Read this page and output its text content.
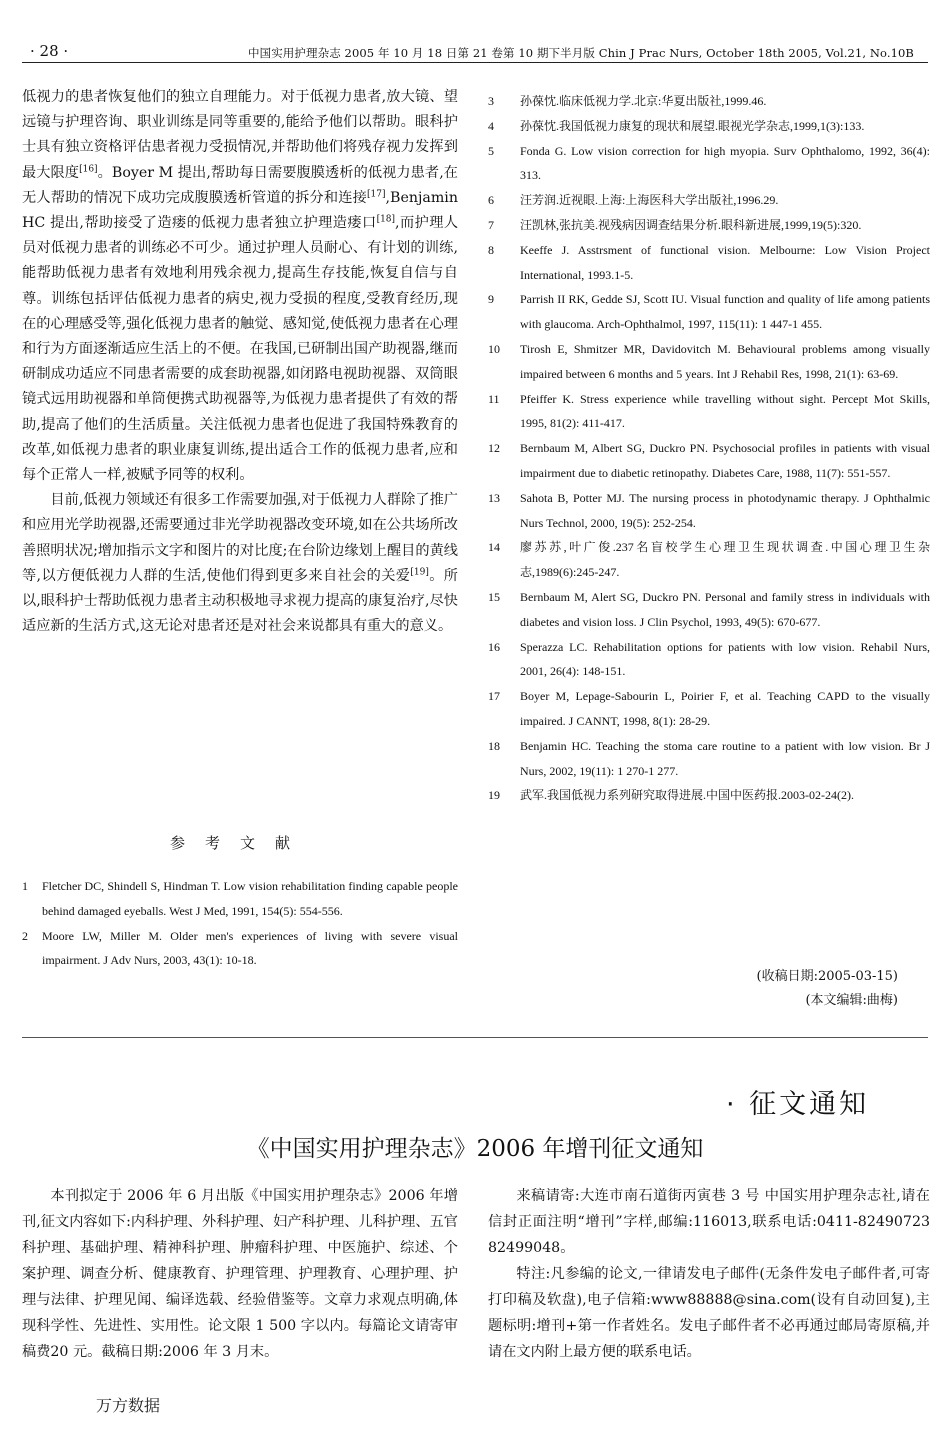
· 28 ·	中国实用护理杂志 2005 年 10 月 18 日第 21 卷第 10 期下半月版 Chin J Prac Nurs, October 18th 2005, Vol.21, No.10B

低视力的患者恢复他们的独立自理能力。对于低视力患者,放大镜、望远镜与护理咨询、职业训练是同等重要的,能给予他们以帮助。眼科护士具有独立资格评估患者视力受损情况,并帮助他们将残存视力发挥到最大限度[16]。Boyer M 提出,帮助每日需要腹膜透析的低视力患者,在无人帮助的情况下成功完成腹膜透析管道的拆分和连接[17],Benjamin HC 提出,帮助接受了造瘘的低视力患者独立护理造瘘口[18],而护理人员对低视力患者的训练必不可少。通过护理人员耐心、有计划的训练,能帮助低视力患者有效地利用残余视力,提高生存技能,恢复自信与自尊。训练包括评估低视力患者的病史,视力受损的程度,受教育经历,现在的心理感受等,强化低视力患者的触觉、感知觉,使低视力患者在心理和行为方面逐渐适应生活上的不便。在我国,已研制出国产助视器,继而研制成功适应不同患者需要的成套助视器,如闭路电视助视器、双筒眼镜式远用助视器和单筒便携式助视器等,为低视力患者提供了有效的帮助,提高了他们的生活质量。关注低视力患者也促进了我国特殊教育的改革,如低视力患者的职业康复训练,提出适合工作的低视力患者,应和每个正常人一样,被赋予同等的权利。

目前,低视力领域还有很多工作需要加强,对于低视力人群除了推广和应用光学助视器,还需要通过非光学助视器改变环境,如在公共场所改善照明状况;增加指示文字和图片的对比度;在台阶边缘划上醒目的黄线等,以方便低视力人群的生活,使他们得到更多来自社会的关爱[19]。所以,眼科护士帮助低视力患者主动积极地寻求视力提高的康复治疗,尽快适应新的生活方式,这无论对患者还是对社会来说都具有重大的意义。

参考文献
1	Fletcher DC, Shindell S, Hindman T. Low vision rehabilitation finding capable people behind damaged eyeballs. West J Med, 1991, 154(5): 554-556.
2	Moore LW, Miller M. Older men's experiences of living with severe visual impairment. J Adv Nurs, 2003, 43(1): 10-18.
3	孙葆忱.临床低视力学.北京:华夏出版社,1999.46.
4	孙葆忱.我国低视力康复的现状和展望.眼视光学杂志,1999,1(3):133.
5	Fonda G. Low vision correction for high myopia. Surv Ophthalomo, 1992, 36(4): 313.
6	汪芳润.近视眼.上海:上海医科大学出版社,1996.29.
7	汪凯林,张抗美.视残病因调查结果分析.眼科新进展,1999,19(5):320.
8	Keeffe J. Asstrsment of functional vision. Melbourne: Low Vision Project International, 1993.1-5.
9	Parrish II RK, Gedde SJ, Scott IU. Visual function and quality of life among patients with glaucoma. Arch-Ophthalmol, 1997, 115(11): 1 447-1 455.
10	Tirosh E, Shmitzer MR, Davidovitch M. Behavioural problems among visually impaired between 6 months and 5 years. Int J Rehabil Res, 1998, 21(1): 63-69.
11	Pfeiffer K. Stress experience while travelling without sight. Percept Mot Skills, 1995, 81(2): 411-417.
12	Bernbaum M, Albert SG, Duckro PN. Psychosocial profiles in patients with visual impairment due to diabetic retinopathy. Diabetes Care, 1988, 11(7): 551-557.
13	Sahota B, Potter MJ. The nursing process in photodynamic therapy. J Ophthalmic Nurs Technol, 2000, 19(5): 252-254.
14	廖苏苏,叶广俊.237名盲校学生心理卫生现状调查.中国心理卫生杂志,1989(6):245-247.
15	Bernbaum M, Alert SG, Duckro PN. Personal and family stress in individuals with diabetes and vision loss. J Clin Psychol, 1993, 49(5): 670-677.
16	Sperazza LC. Rehabilitation options for patients with low vision. Rehabil Nurs, 2001, 26(4): 148-151.
17	Boyer M, Lepage-Sabourin L, Poirier F, et al. Teaching CAPD to the visually impaired. J CANNT, 1998, 8(1): 28-29.
18	Benjamin HC. Teaching the stoma care routine to a patient with low vision. Br J Nurs, 2002, 19(11): 1 270-1 277.
19	武军.我国低视力系列研究取得进展.中国中医药报.2003-02-24(2).
(收稿日期:2005-03-15)
(本文编辑:曲梅)
· 征文通知
《中国实用护理杂志》2006 年增刊征文通知

本刊拟定于 2006 年 6 月出版《中国实用护理杂志》2006 年增刊,征文内容如下:内科护理、外科护理、妇产科护理、儿科护理、五官科护理、基础护理、精神科护理、肿瘤科护理、中医施护、综述、个案护理、调查分析、健康教育、护理管理、护理教育、心理护理、护理与法律、护理见闻、编译选载、经验借鉴等。文章力求观点明确,体现科学性、先进性、实用性。论文限 1 500 字以内。每篇论文请寄审稿费20 元。截稿日期:2006 年 3 月末。

来稿请寄:大连市南石道街丙寅巷 3 号 中国实用护理杂志社,请在信封正面注明“增刊”字样,邮编:116013,联系电话:0411-82490723 82499048。

特注:凡参编的论文,一律请发电子邮件(无条件发电子邮件者,可寄打印稿及软盘),电子信箱:www88888@sina.com(设有自动回复),主题标明:增刊+第一作者姓名。发电子邮件者不必再通过邮局寄原稿,并请在文内附上最方便的联系电话。

万方数据
